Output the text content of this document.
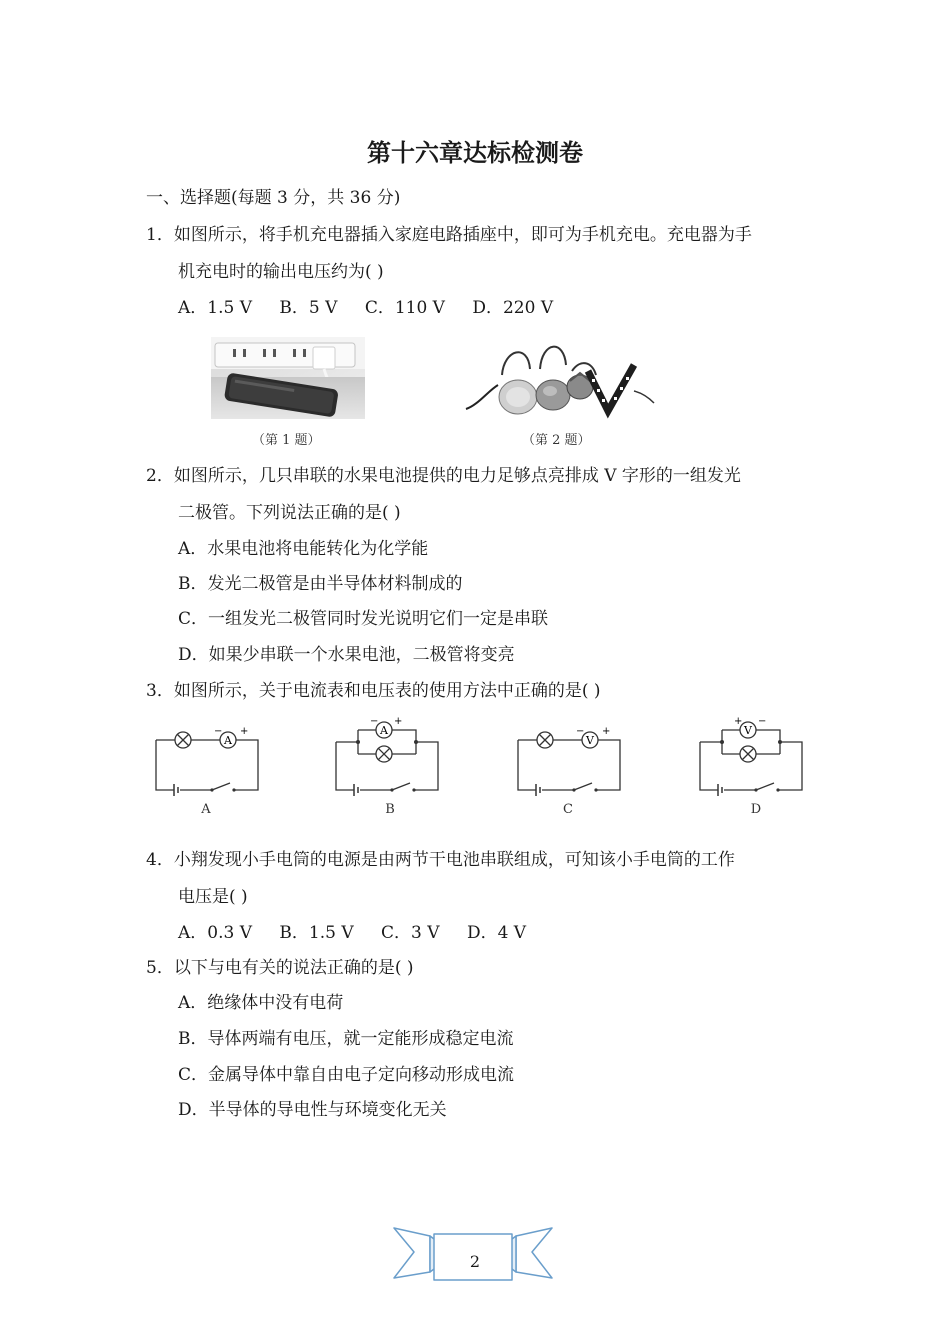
第十六章达标检测卷
一、选择题(每题 3 分，共 36 分)
1．如图所示，将手机充电器插入家庭电路插座中，即可为手机充电。充电器为手
机充电时的输出电压约为( )
A．1.5 V B．5 V C．110 V D．220 V
（第 1 题）	（第 2 题）
2．如图所示，几只串联的水果电池提供的电力足够点亮排成 V 字形的一组发光
二极管。下列说法正确的是( )
A．水果电池将电能转化为化学能
B．发光二极管是由半导体材料制成的
C．一组发光二极管同时发光说明它们一定是串联
D．如果少串联一个水果电池，二极管将变亮
3．如图所示，关于电流表和电压表的使用方法中正确的是( )
A
− +
A
A
− +
B
V
− +
C
V
+ −
D
4．小翔发现小手电筒的电源是由两节干电池串联组成，可知该小手电筒的工作
电压是( )
A．0.3 V B．1.5 V C．3 V D．4 V
5．以下与电有关的说法正确的是( )
A．绝缘体中没有电荷
B．导体两端有电压，就一定能形成稳定电流
C．金属导体中靠自由电子定向移动形成电流
D．半导体的导电性与环境变化无关
2
